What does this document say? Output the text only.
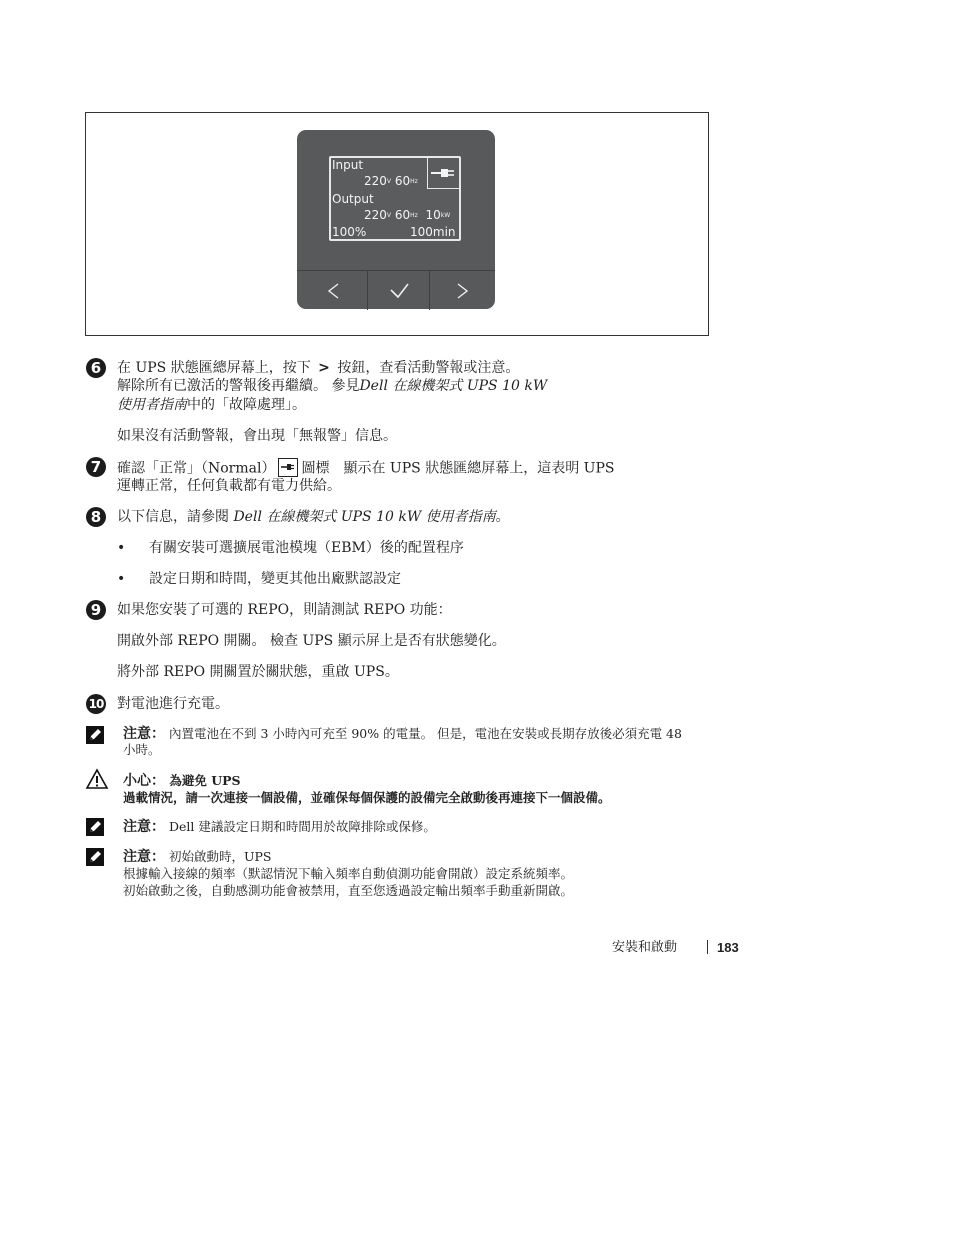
Input
$220^V$ $60^{Hz}$
Output
$220^V$ $60^{Hz}$ $10^{kW}$
100%	100min
6	在 UPS 狀態匯總屏幕上，按下 > 按鈕，查看活動警報或注意。
解除所有已激活的警報後再繼續。 參見Dell 在線機架式 UPS 10 kW
使用者指南中的「故障處理」。
如果沒有活動警報，會出現「無報警」信息。
7	確認「正常」（Normal） 圖標　顯示在 UPS 狀態匯總屏幕上，這表明 UPS
運轉正常，任何負載都有電力供給。
8	以下信息，請參閱 Dell 在線機架式 UPS 10 kW 使用者指南。
• 有關安裝可選擴展電池模塊（EBM）後的配置程序
• 設定日期和時間，變更其他出廠默認設定
9	如果您安裝了可選的 REPO，則請測試 REPO 功能：
開啟外部 REPO 開關。 檢查 UPS 顯示屏上是否有狀態變化。
將外部 REPO 開關置於關狀態，重啟 UPS。
10 對電池進行充電。
注意： 內置電池在不到 3 小時內可充至 90% 的電量。 但是，電池在安裝或長期存放後必須充電 48
小時。
小心： 為避免 UPS
過載情況，請一次連接一個設備，並確保每個保護的設備完全啟動後再連接下一個設備。
注意： Dell 建議設定日期和時間用於故障排除或保修。
注意： 初始啟動時，UPS
根據輸入接線的頻率（默認情況下輸入頻率自動偵測功能會開啟）設定系統頻率。
初始啟動之後，自動感測功能會被禁用，直至您透過設定輸出頻率手動重新開啟。
安裝和啟動	183
